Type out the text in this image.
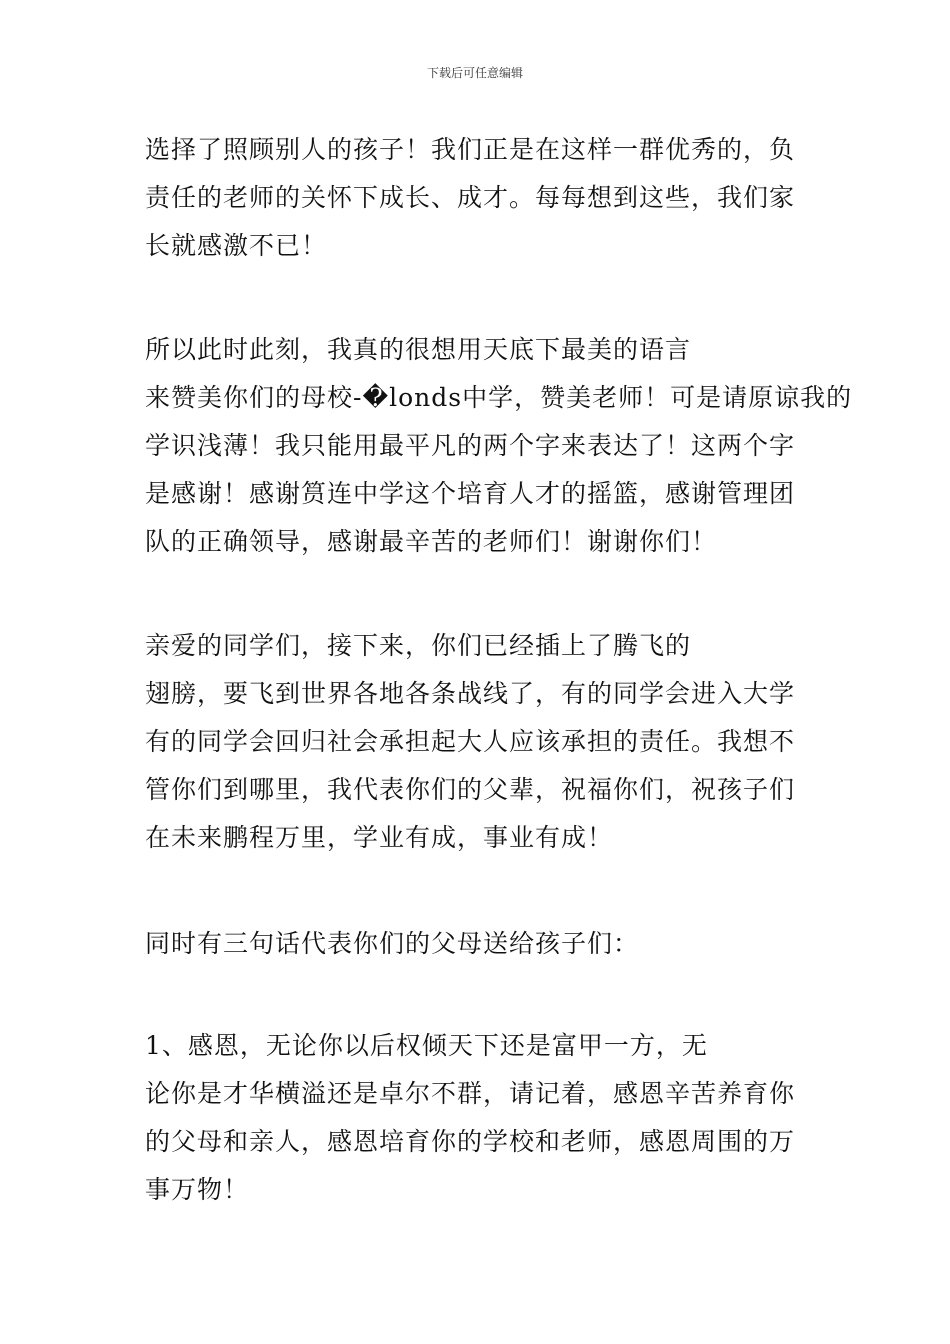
下载后可任意编辑
选择了照顾别人的孩子！我们正是在这样一群优秀的，负
责任的老师的关怀下成长、成才。每每想到这些，我们家
长就感激不已！
所以此时此刻，我真的很想用天底下最美的语言
来赞美你们的母校-�londs中学，赞美老师！可是请原谅我的
学识浅薄！我只能用最平凡的两个字来表达了！这两个字
是感谢！感谢筼连中学这个培育人才的摇篮，感谢管理团
队的正确领导，感谢最辛苦的老师们！谢谢你们！
亲爱的同学们，接下来，你们已经插上了腾飞的
翅膀，要飞到世界各地各条战线了，有的同学会进入大学
有的同学会回归社会承担起大人应该承担的责任。我想不
管你们到哪里，我代表你们的父辈，祝福你们，祝孩子们
在未来鹏程万里，学业有成，事业有成！
同时有三句话代表你们的父母送给孩子们：
1、感恩，无论你以后权倾天下还是富甲一方，无
论你是才华横溢还是卓尔不群，请记着，感恩辛苦养育你
的父母和亲人，感恩培育你的学校和老师，感恩周围的万
事万物！
